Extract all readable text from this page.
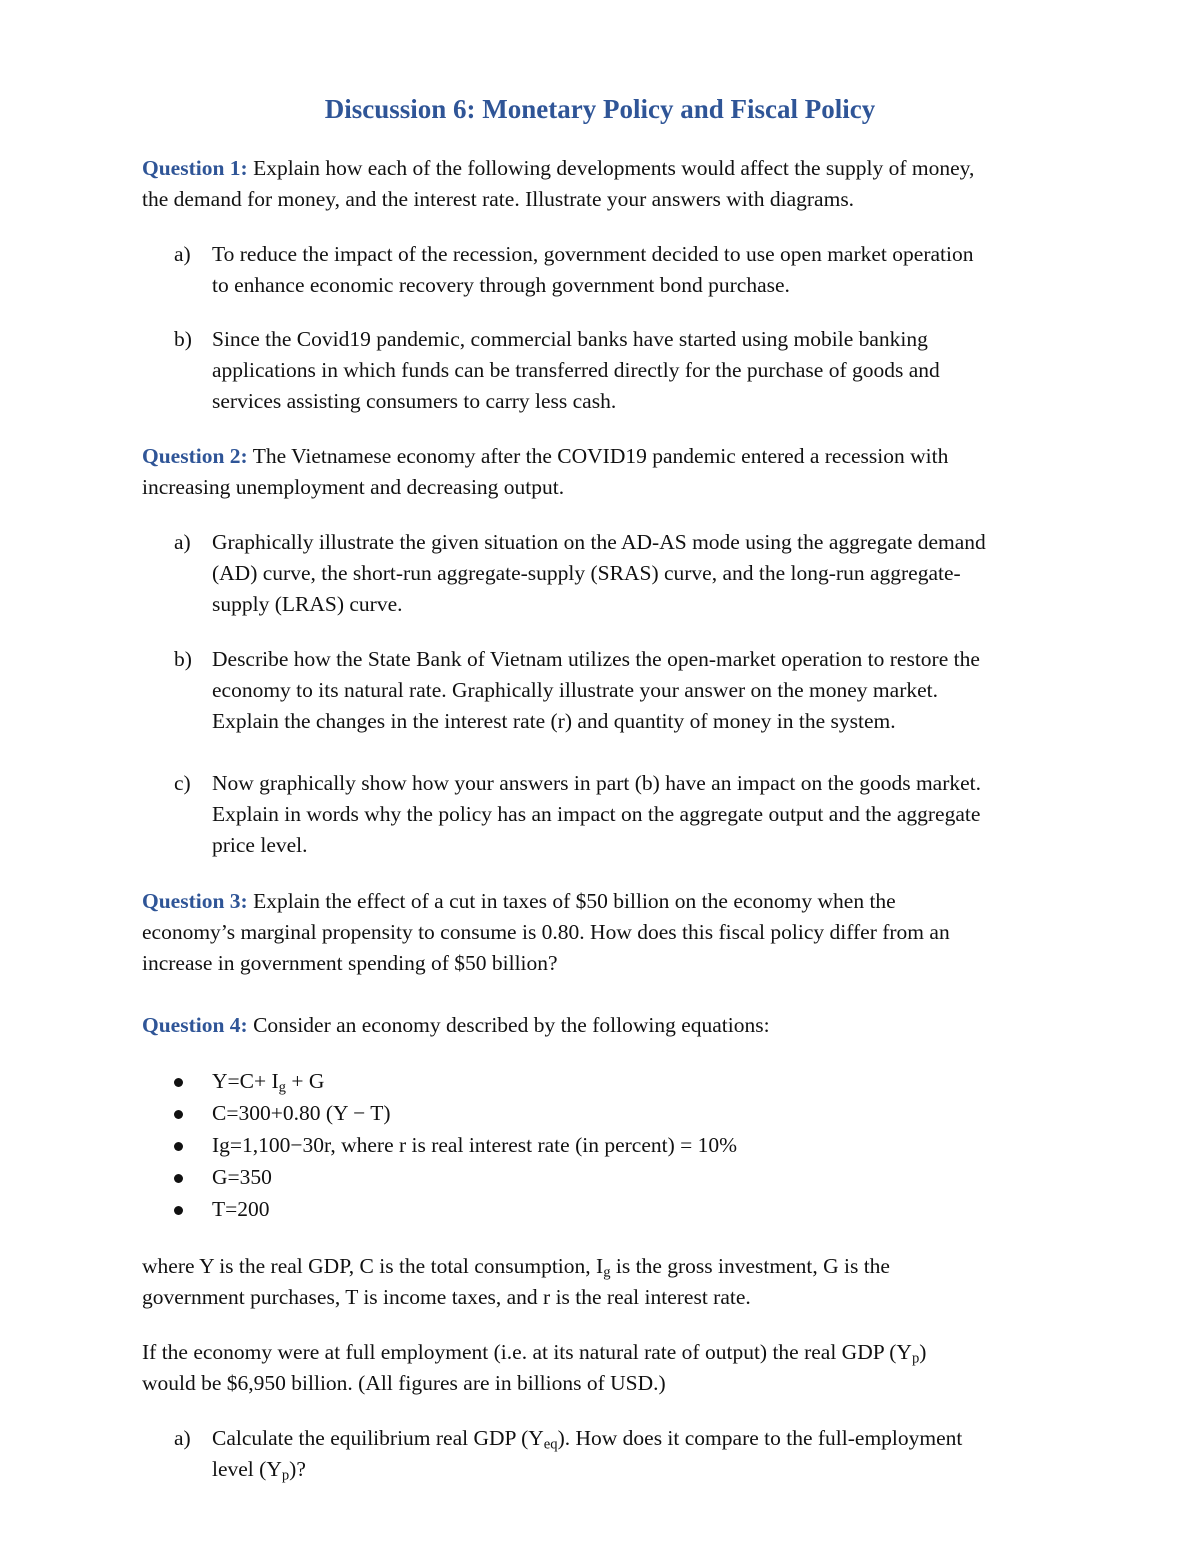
Discussion 6: Monetary Policy and Fiscal Policy
Question 1: Explain how each of the following developments would affect the supply of money,
the demand for money, and the interest rate. Illustrate your answers with diagrams.
a) To reduce the impact of the recession, government decided to use open market operation
to enhance economic recovery through government bond purchase.
b) Since the Covid19 pandemic, commercial banks have started using mobile banking
applications in which funds can be transferred directly for the purchase of goods and
services assisting consumers to carry less cash.
Question 2: The Vietnamese economy after the COVID19 pandemic entered a recession with
increasing unemployment and decreasing output.
a) Graphically illustrate the given situation on the AD-AS mode using the aggregate demand
(AD) curve, the short-run aggregate-supply (SRAS) curve, and the long-run aggregate-
supply (LRAS) curve.
b) Describe how the State Bank of Vietnam utilizes the open-market operation to restore the
economy to its natural rate. Graphically illustrate your answer on the money market.
Explain the changes in the interest rate (r) and quantity of money in the system.
c) Now graphically show how your answers in part (b) have an impact on the goods market.
Explain in words why the policy has an impact on the aggregate output and the aggregate
price level.
Question 3: Explain the effect of a cut in taxes of $50 billion on the economy when the
economy’s marginal propensity to consume is 0.80. How does this fiscal policy differ from an
increase in government spending of $50 billion?
Question 4: Consider an economy described by the following equations:
$Y=C+ I_g + G$
C=300+0.80 (Y − T)
Ig=1,100−30r, where r is real interest rate (in percent) = 10%
G=350
T=200
where Y is the real GDP, C is the total consumption, $I_g$ is the gross investment, G is the
government purchases, T is income taxes, and r is the real interest rate.
If the economy were at full employment (i.e. at its natural rate of output) the real GDP $(Y_p)$
would be $6,950 billion. (All figures are in billions of USD.)
a) Calculate the equilibrium real GDP $(Y_{eq})$. How does it compare to the full-employment
level $(Y_p)$?
